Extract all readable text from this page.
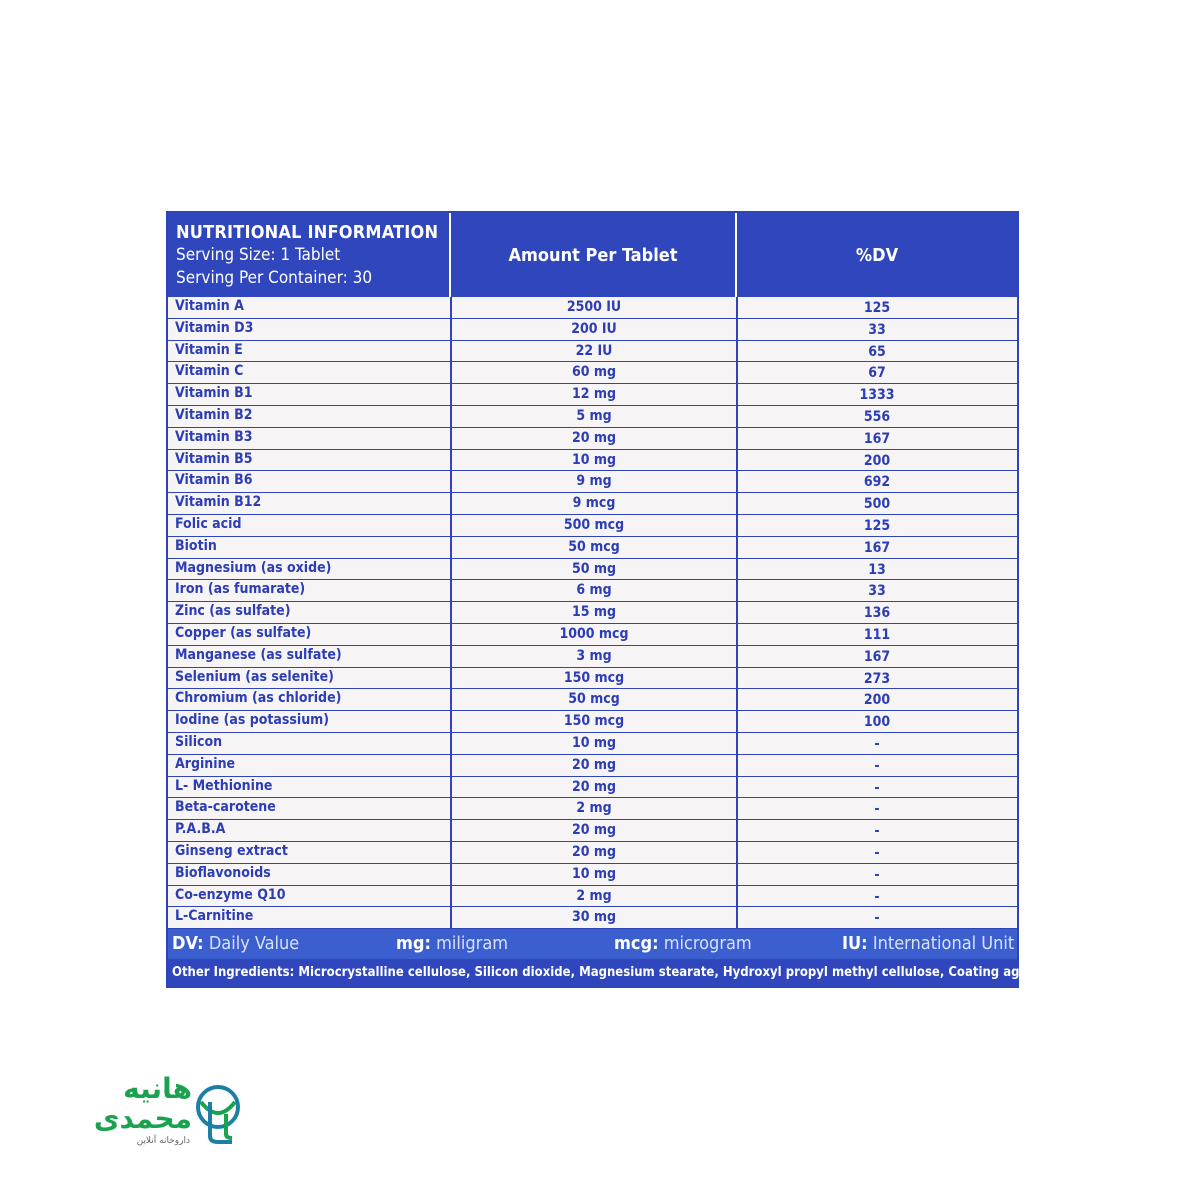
NUTRITIONAL INFORMATION
Serving Size: 1 Tablet
Serving Per Container: 30
Amount Per Tablet	%DV
Vitamin A	2500 IU	125
Vitamin D3	200 IU	33
Vitamin E	22 IU	65
Vitamin C	60 mg	67
Vitamin B1	12 mg	1333
Vitamin B2	5 mg	556
Vitamin B3	20 mg	167
Vitamin B5	10 mg	200
Vitamin B6	9 mg	692
Vitamin B12	9 mcg	500
Folic acid	500 mcg	125
Biotin	50 mcg	167
Magnesium (as oxide)	50 mg	13
Iron (as fumarate)	6 mg	33
Zinc (as sulfate)	15 mg	136
Copper (as sulfate)	1000 mcg	111
Manganese (as sulfate)	3 mg	167
Selenium (as selenite)	150 mcg	273
Chromium (as chloride)	50 mcg	200
Iodine (as potassium)	150 mcg	100
Silicon	10 mg	-
Arginine	20 mg	-
L- Methionine	20 mg	-
Beta-carotene	2 mg	-
P.A.B.A	20 mg	-
Ginseng extract	20 mg	-
Bioflavonoids	10 mg	-
Co-enzyme Q10	2 mg	-
L-Carnitine	30 mg	-
DV: Daily Value	mg: miligram	mcg: microgram	IU: International Unit
Other Ingredients: Microcrystalline cellulose, Silicon dioxide, Magnesium stearate, Hydroxyl propyl methyl cellulose, Coating agent.
هانیه
محمدی
داروخانه آنلاین
